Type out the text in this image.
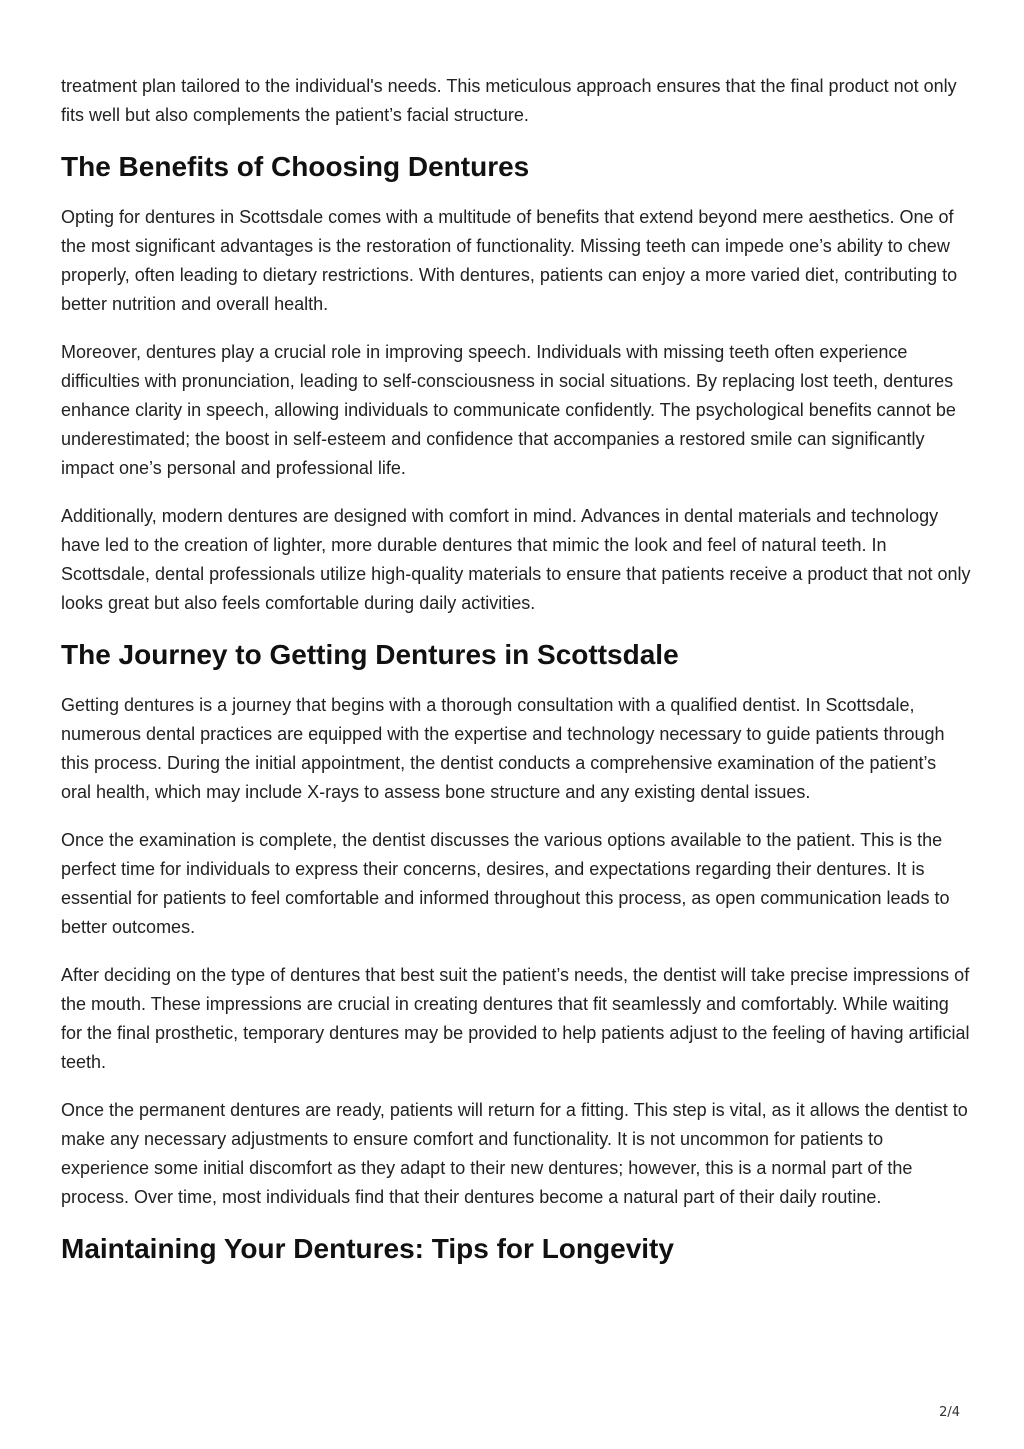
treatment plan tailored to the individual's needs. This meticulous approach ensures that the final product not only fits well but also complements the patient’s facial structure.

The Benefits of Choosing Dentures

Opting for dentures in Scottsdale comes with a multitude of benefits that extend beyond mere aesthetics. One of the most significant advantages is the restoration of functionality. Missing teeth can impede one’s ability to chew properly, often leading to dietary restrictions. With dentures, patients can enjoy a more varied diet, contributing to better nutrition and overall health.

Moreover, dentures play a crucial role in improving speech. Individuals with missing teeth often experience difficulties with pronunciation, leading to self-consciousness in social situations. By replacing lost teeth, dentures enhance clarity in speech, allowing individuals to communicate confidently. The psychological benefits cannot be underestimated; the boost in self-esteem and confidence that accompanies a restored smile can significantly impact one’s personal and professional life.

Additionally, modern dentures are designed with comfort in mind. Advances in dental materials and technology have led to the creation of lighter, more durable dentures that mimic the look and feel of natural teeth. In Scottsdale, dental professionals utilize high-quality materials to ensure that patients receive a product that not only looks great but also feels comfortable during daily activities.

The Journey to Getting Dentures in Scottsdale

Getting dentures is a journey that begins with a thorough consultation with a qualified dentist. In Scottsdale, numerous dental practices are equipped with the expertise and technology necessary to guide patients through this process. During the initial appointment, the dentist conducts a comprehensive examination of the patient’s oral health, which may include X-rays to assess bone structure and any existing dental issues.

Once the examination is complete, the dentist discusses the various options available to the patient. This is the perfect time for individuals to express their concerns, desires, and expectations regarding their dentures. It is essential for patients to feel comfortable and informed throughout this process, as open communication leads to better outcomes.

After deciding on the type of dentures that best suit the patient’s needs, the dentist will take precise impressions of the mouth. These impressions are crucial in creating dentures that fit seamlessly and comfortably. While waiting for the final prosthetic, temporary dentures may be provided to help patients adjust to the feeling of having artificial teeth.

Once the permanent dentures are ready, patients will return for a fitting. This step is vital, as it allows the dentist to make any necessary adjustments to ensure comfort and functionality. It is not uncommon for patients to experience some initial discomfort as they adapt to their new dentures; however, this is a normal part of the process. Over time, most individuals find that their dentures become a natural part of their daily routine.

Maintaining Your Dentures: Tips for Longevity
2/4
